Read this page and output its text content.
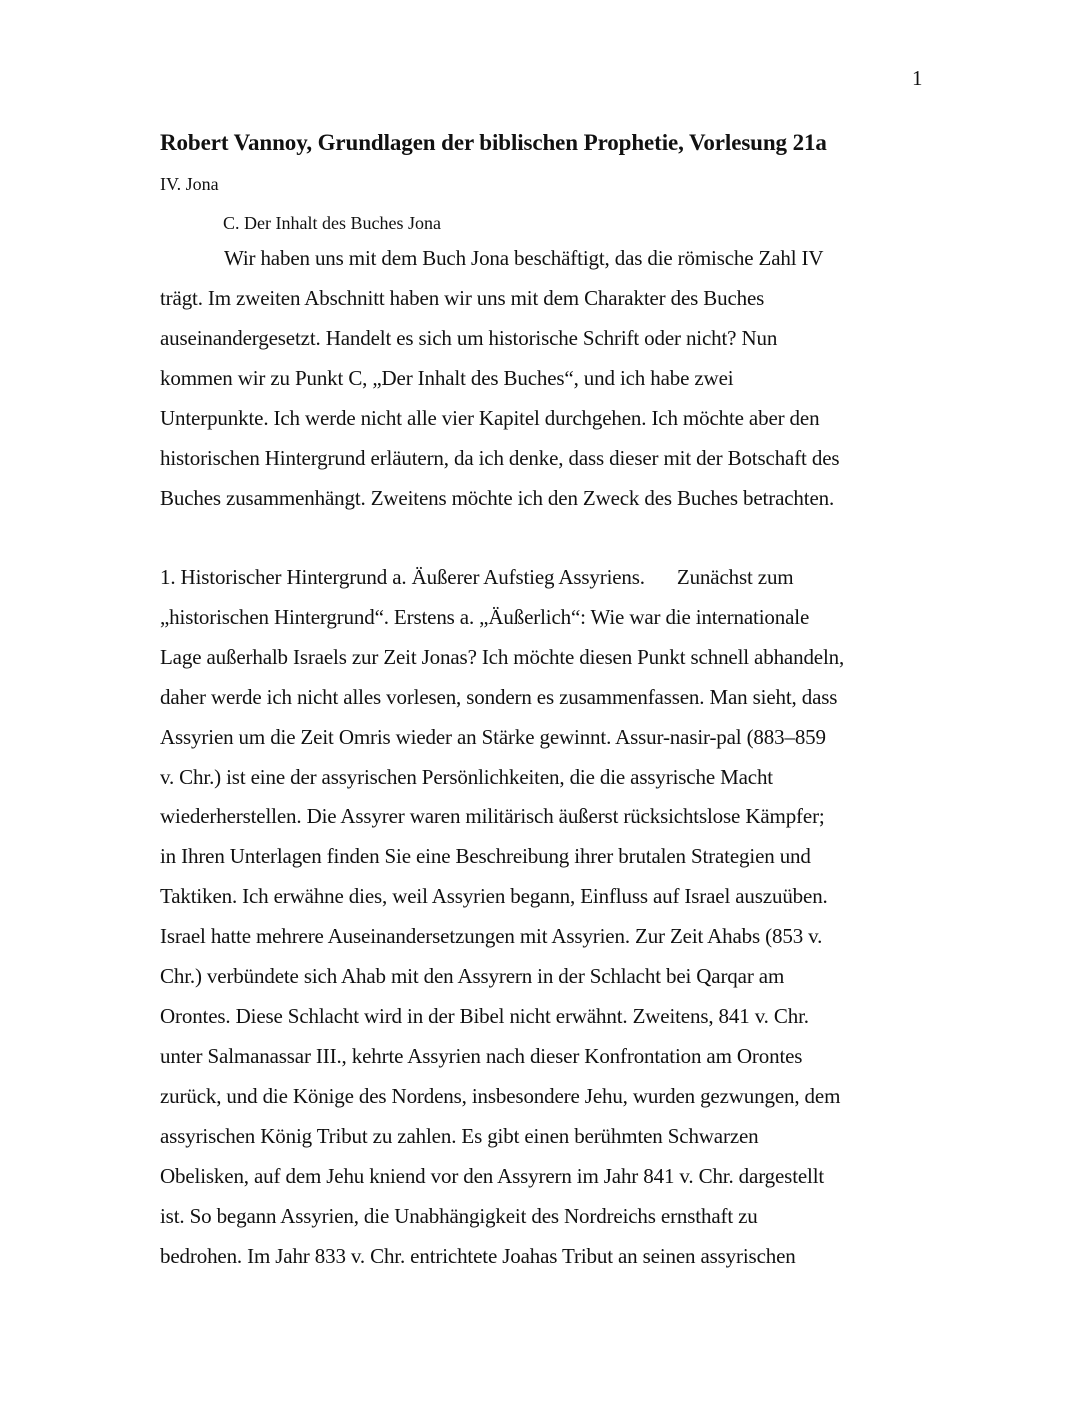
1
Robert Vannoy, Grundlagen der biblischen Prophetie, Vorlesung 21a
IV. Jona
C. Der Inhalt des Buches Jona
Wir haben uns mit dem Buch Jona beschäftigt, das die römische Zahl IV
trägt. Im zweiten Abschnitt haben wir uns mit dem Charakter des Buches
auseinandergesetzt. Handelt es sich um historische Schrift oder nicht? Nun
kommen wir zu Punkt C, „Der Inhalt des Buches“, und ich habe zwei
Unterpunkte. Ich werde nicht alle vier Kapitel durchgehen. Ich möchte aber den
historischen Hintergrund erläutern, da ich denke, dass dieser mit der Botschaft des
Buches zusammenhängt. Zweitens möchte ich den Zweck des Buches betrachten.
1. Historischer Hintergrund a. Äußerer Aufstieg Assyriens. Zunächst zum
„historischen Hintergrund“. Erstens a. „Äußerlich“: Wie war die internationale
Lage außerhalb Israels zur Zeit Jonas? Ich möchte diesen Punkt schnell abhandeln,
daher werde ich nicht alles vorlesen, sondern es zusammenfassen. Man sieht, dass
Assyrien um die Zeit Omris wieder an Stärke gewinnt. Assur-nasir-pal (883–859
v. Chr.) ist eine der assyrischen Persönlichkeiten, die die assyrische Macht
wiederherstellen. Die Assyrer waren militärisch äußerst rücksichtslose Kämpfer;
in Ihren Unterlagen finden Sie eine Beschreibung ihrer brutalen Strategien und
Taktiken. Ich erwähne dies, weil Assyrien begann, Einfluss auf Israel auszuüben.
Israel hatte mehrere Auseinandersetzungen mit Assyrien. Zur Zeit Ahabs (853 v.
Chr.) verbündete sich Ahab mit den Assyrern in der Schlacht bei Qarqar am
Orontes. Diese Schlacht wird in der Bibel nicht erwähnt. Zweitens, 841 v. Chr.
unter Salmanassar III., kehrte Assyrien nach dieser Konfrontation am Orontes
zurück, und die Könige des Nordens, insbesondere Jehu, wurden gezwungen, dem
assyrischen König Tribut zu zahlen. Es gibt einen berühmten Schwarzen
Obelisken, auf dem Jehu kniend vor den Assyrern im Jahr 841 v. Chr. dargestellt
ist. So begann Assyrien, die Unabhängigkeit des Nordreichs ernsthaft zu
bedrohen. Im Jahr 833 v. Chr. entrichtete Joahas Tribut an seinen assyrischen
